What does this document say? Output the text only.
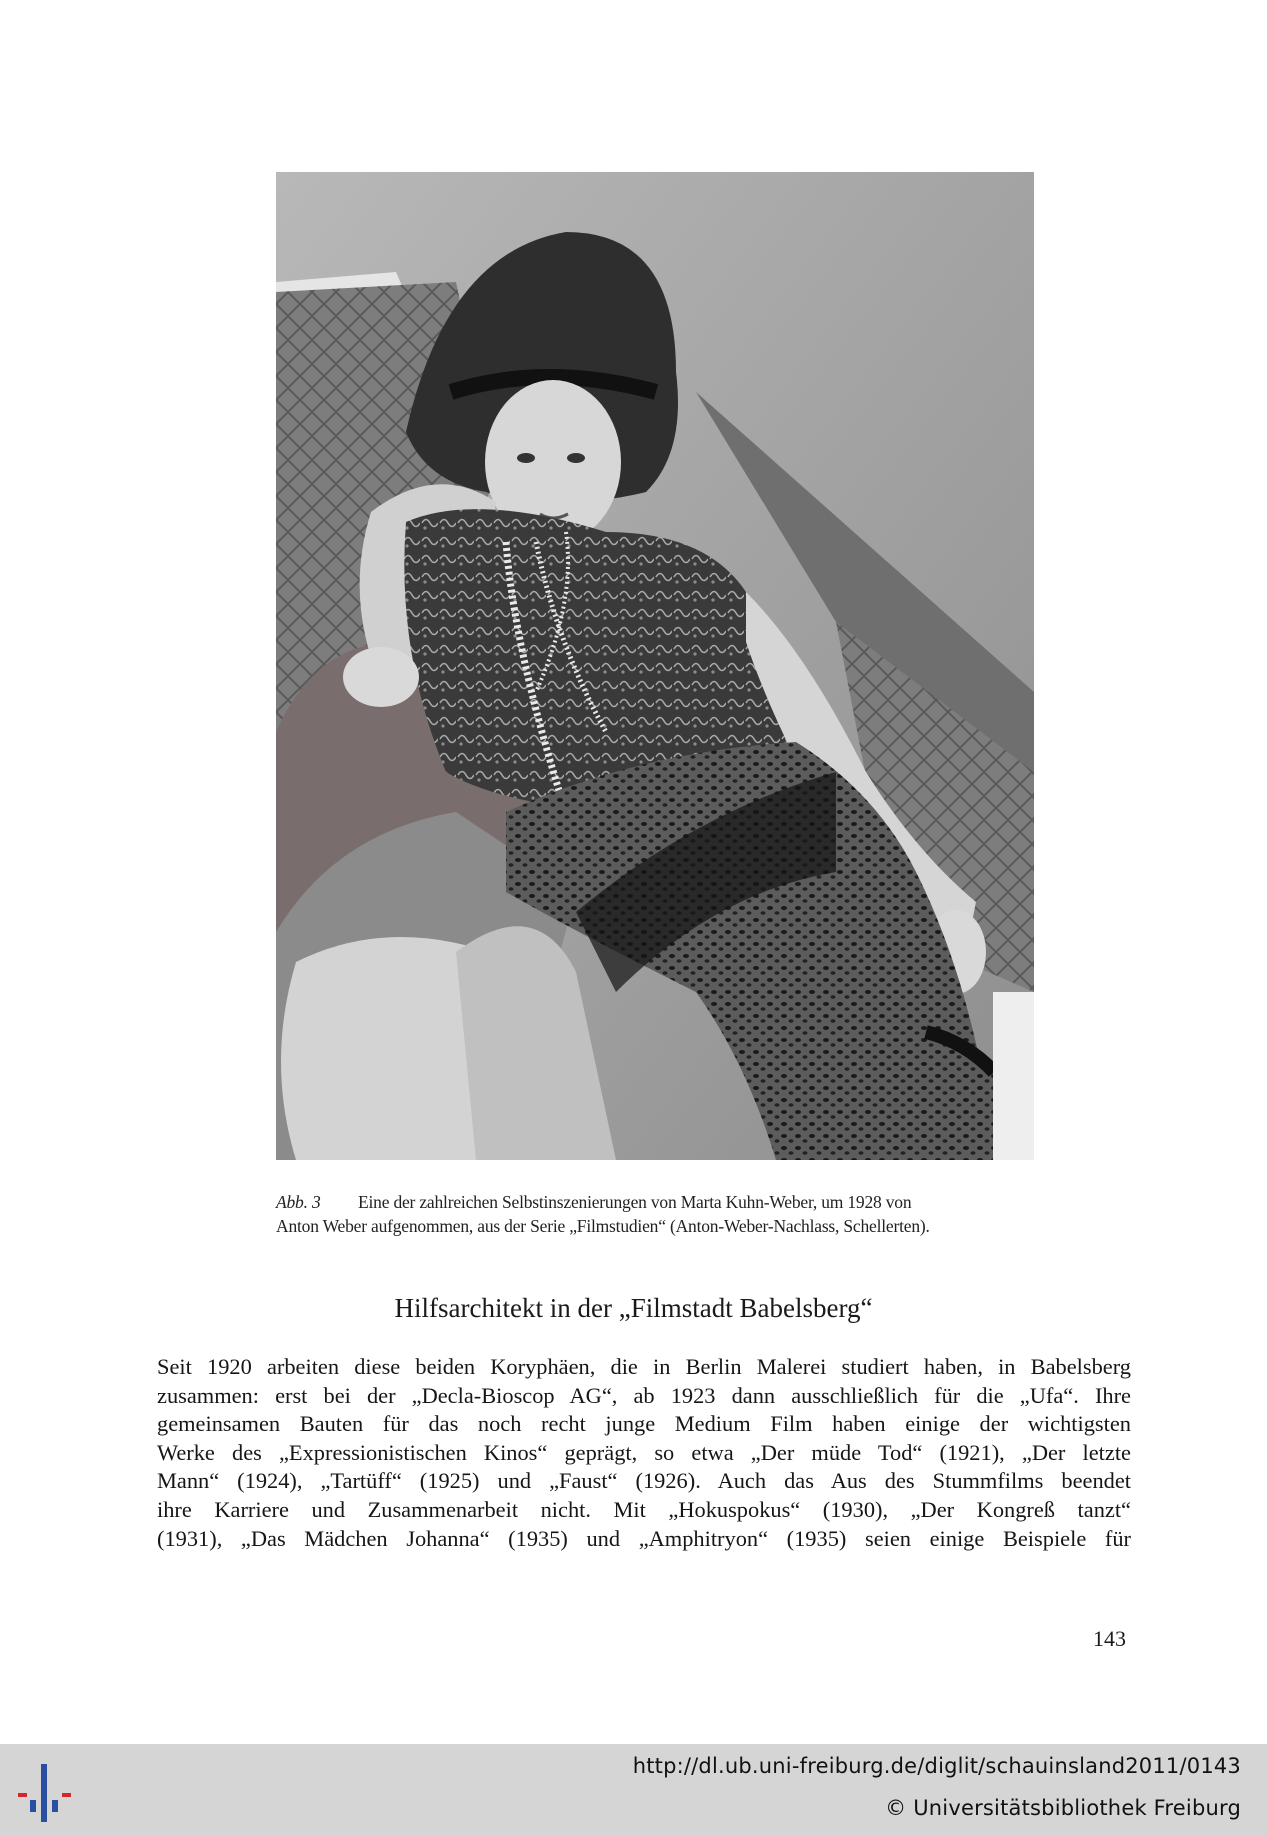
Abb. 3	Eine der zahlreichen Selbstinszenierungen von Marta Kuhn-Weber, um 1928 von
Anton Weber aufgenommen, aus der Serie „Filmstudien“ (Anton-Weber-Nachlass, Schellerten).
Hilfsarchitekt in der „Filmstadt Babelsberg“
Seit 1920 arbeiten diese beiden Koryphäen, die in Berlin Malerei studiert haben, in Babelsberg
zusammen: erst bei der „Decla-Bioscop AG“, ab 1923 dann ausschließlich für die „Ufa“. Ihre
gemeinsamen Bauten für das noch recht junge Medium Film haben einige der wichtigsten
Werke des „Expressionistischen Kinos“ geprägt, so etwa „Der müde Tod“ (1921), „Der letzte
Mann“ (1924), „Tartüff“ (1925) und „Faust“ (1926). Auch das Aus des Stummfilms beendet
ihre Karriere und Zusammenarbeit nicht. Mit „Hokuspokus“ (1930), „Der Kongreß tanzt“
(1931), „Das Mädchen Johanna“ (1935) und „Amphitryon“ (1935) seien einige Beispiele für
143
http://dl.ub.uni-freiburg.de/diglit/schauinsland2011/0143
© Universitätsbibliothek Freiburg
